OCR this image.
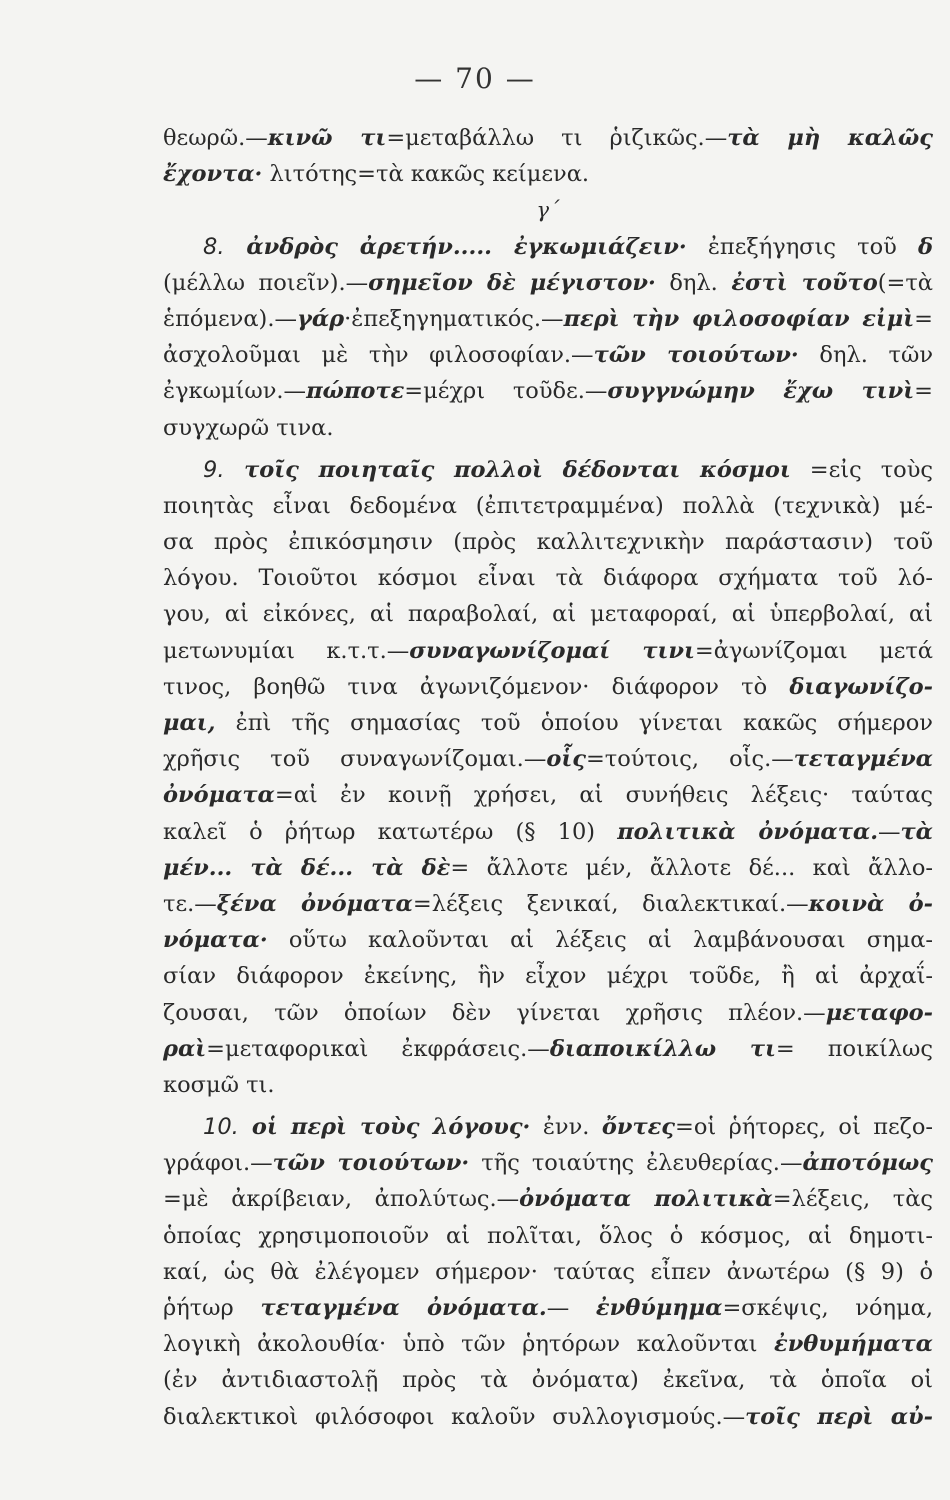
— 70 —
θεωρῶ.—κινῶ τι=μεταβάλλω τι ῥιζικῶς.—τὰ μὴ καλῶς
ἔχοντα· λιτότης=τὰ κακῶς κείμενα.
γ΄
8. ἀνδρὸς ἀρετήν..... ἐγκωμιάζειν· ἐπεξήγησις τοῦ δ
(μέλλω ποιεῖν).—σημεῖον δὲ μέγιστον· δηλ. ἐστὶ τοῦτο(=τὰ
ἑπόμενα).—γάρ·ἐπεξηγηματικός.—περὶ τὴν φιλοσοφίαν εἰμὶ=
ἀσχολοῦμαι μὲ τὴν φιλοσοφίαν.—τῶν τοιούτων· δηλ. τῶν
ἐγκωμίων.—πώποτε=μέχρι τοῦδε.—συγγνώμην ἔχω τινὶ=
συγχωρῶ τινα.
9. τοῖς ποιηταῖς πολλοὶ δέδονται κόσμοι =εἰς τοὺς
ποιητὰς εἶναι δεδομένα (ἐπιτετραμμένα) πολλὰ (τεχνικὰ) μέ-
σα πρὸς ἐπικόσμησιν (πρὸς καλλιτεχνικὴν παράστασιν) τοῦ
λόγου. Τοιοῦτοι κόσμοι εἶναι τὰ διάφορα σχήματα τοῦ λό-
γου, αἱ εἰκόνες, αἱ παραβολαί, αἱ μεταφοραί, αἱ ὑπερβολαί, αἱ
μετωνυμίαι κ.τ.τ.—συναγωνίζομαί τινι=ἀγωνίζομαι μετά
τινος, βοηθῶ τινα ἀγωνιζόμενον· διάφορον τὸ διαγωνίζο-
μαι, ἐπὶ τῆς σημασίας τοῦ ὁποίου γίνεται κακῶς σήμερον
χρῆσις τοῦ συναγωνίζομαι.—οἷς=τούτοις, οἷς.—τεταγμένα
ὀνόματα=αἱ ἐν κοινῇ χρήσει, αἱ συνήθεις λέξεις· ταύτας
καλεῖ ὁ ῥήτωρ κατωτέρω (§ 10) πολιτικὰ ὀνόματα.—τὰ
μέν... τὰ δέ... τὰ δὲ= ἄλλοτε μέν, ἄλλοτε δέ... καὶ ἄλλο-
τε.—ξένα ὀνόματα=λέξεις ξενικαί, διαλεκτικαί.—κοινὰ ὀ-
νόματα· οὕτω καλοῦνται αἱ λέξεις αἱ λαμβάνουσαι σημα-
σίαν διάφορον ἐκείνης, ἣν εἶχον μέχρι τοῦδε, ἢ αἱ ἀρχαΐ-
ζουσαι, τῶν ὁποίων δὲν γίνεται χρῆσις πλέον.—μεταφο-
ραὶ=μεταφορικαὶ ἐκφράσεις.—διαποικίλλω τι= ποικίλως
κοσμῶ τι.
10. οἱ περὶ τοὺς λόγους· ἐνν. ὄντες=οἱ ῥήτορες, οἱ πεζο-
γράφοι.—τῶν τοιούτων· τῆς τοιαύτης ἐλευθερίας.—ἀποτόμως
=μὲ ἀκρίβειαν, ἀπολύτως.—ὀνόματα πολιτικὰ=λέξεις, τὰς
ὁποίας χρησιμοποιοῦν αἱ πολῖται, ὅλος ὁ κόσμος, αἱ δημοτι-
καί, ὡς θὰ ἐλέγομεν σήμερον· ταύτας εἶπεν ἀνωτέρω (§ 9) ὁ
ῥήτωρ τεταγμένα ὀνόματα.— ἐνθύμημα=σκέψις, νόημα,
λογικὴ ἀκολουθία· ὑπὸ τῶν ῥητόρων καλοῦνται ἐνθυμήματα
(ἐν ἀντιδιαστολῇ πρὸς τὰ ὀνόματα) ἐκεῖνα, τὰ ὁποῖα οἱ
διαλεκτικοὶ φιλόσοφοι καλοῦν συλλογισμούς.—τοῖς περὶ αὐ-
